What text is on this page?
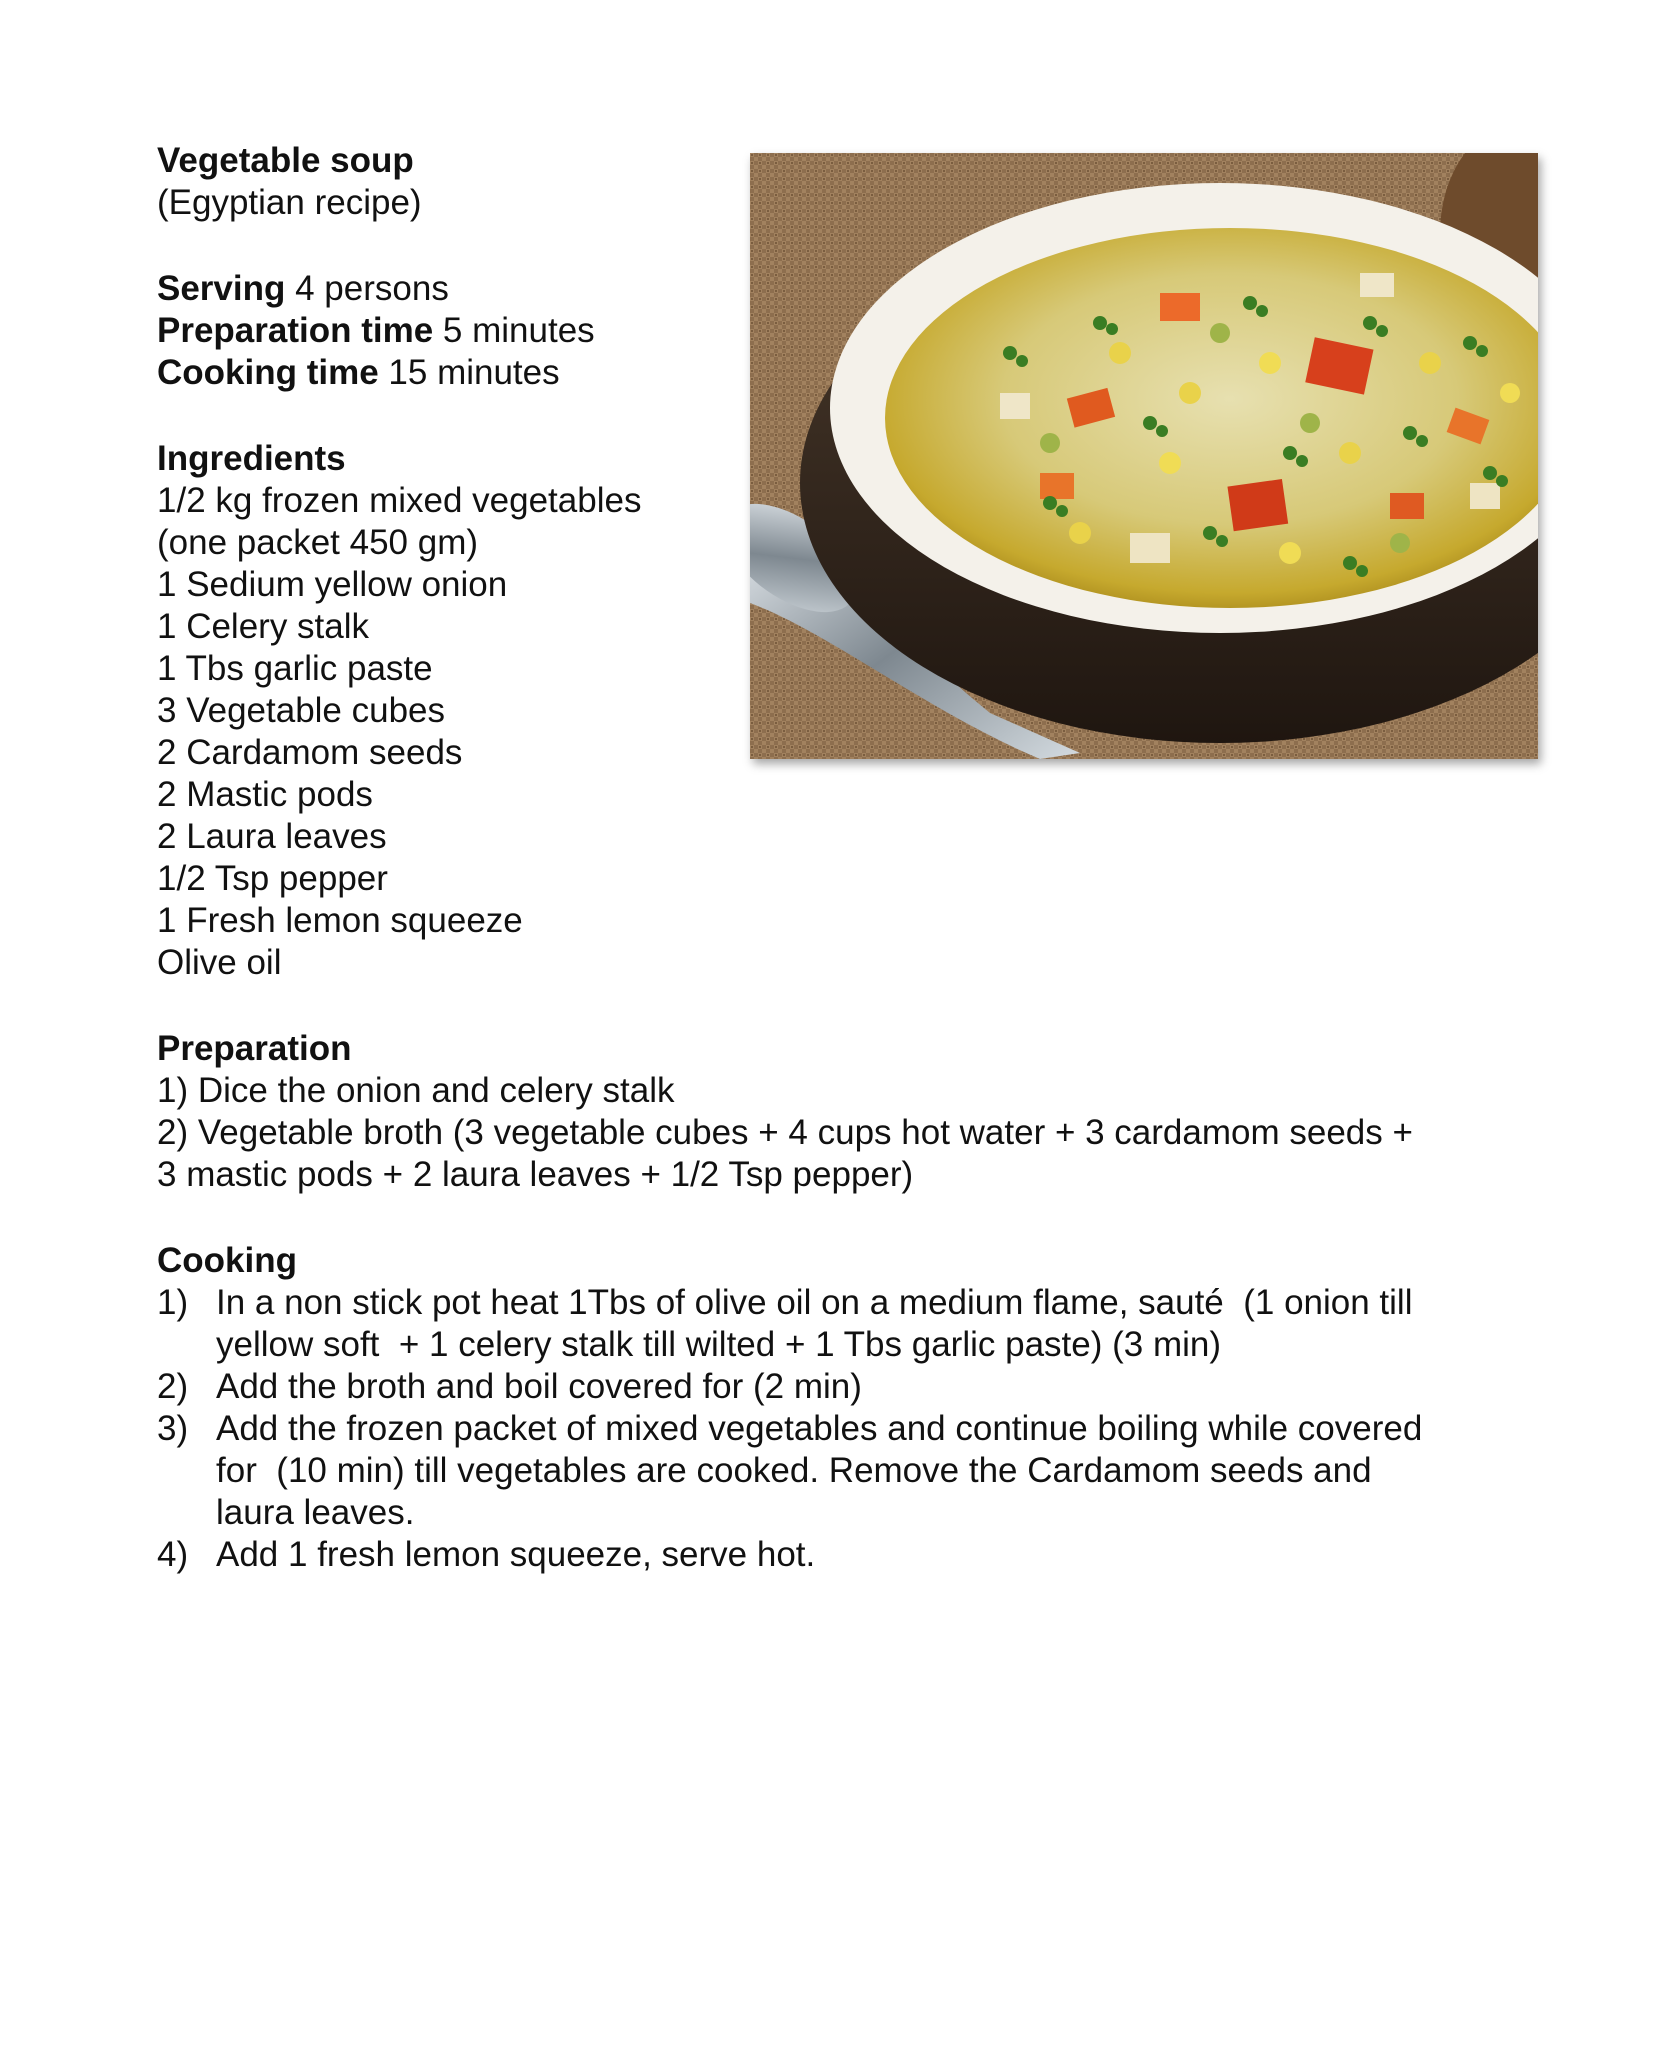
Vegetable soup
(Egyptian recipe)
Serving 4 persons
Preparation time 5 minutes
Cooking time 15 minutes
Ingredients
1/2 kg frozen mixed vegetables
(one packet 450 gm)
1 Sedium yellow onion
1 Celery stalk
1 Tbs garlic paste
3 Vegetable cubes
2 Cardamom seeds
2 Mastic pods
2 Laura leaves
1/2 Tsp pepper
1 Fresh lemon squeeze
Olive oil
Preparation
1) Dice the onion and celery stalk
2) Vegetable broth (3 vegetable cubes + 4 cups hot water + 3 cardamom seeds +
3 mastic pods + 2 laura leaves + 1/2 Tsp pepper)
Cooking
1) In a non stick pot heat 1Tbs of olive oil on a medium flame, sauté  (1 onion till
yellow soft  + 1 celery stalk till wilted + 1 Tbs garlic paste) (3 min)
2) Add the broth and boil covered for (2 min)
3) Add the frozen packet of mixed vegetables and continue boiling while covered
for  (10 min) till vegetables are cooked. Remove the Cardamom seeds and
laura leaves.
4) Add 1 fresh lemon squeeze, serve hot.
